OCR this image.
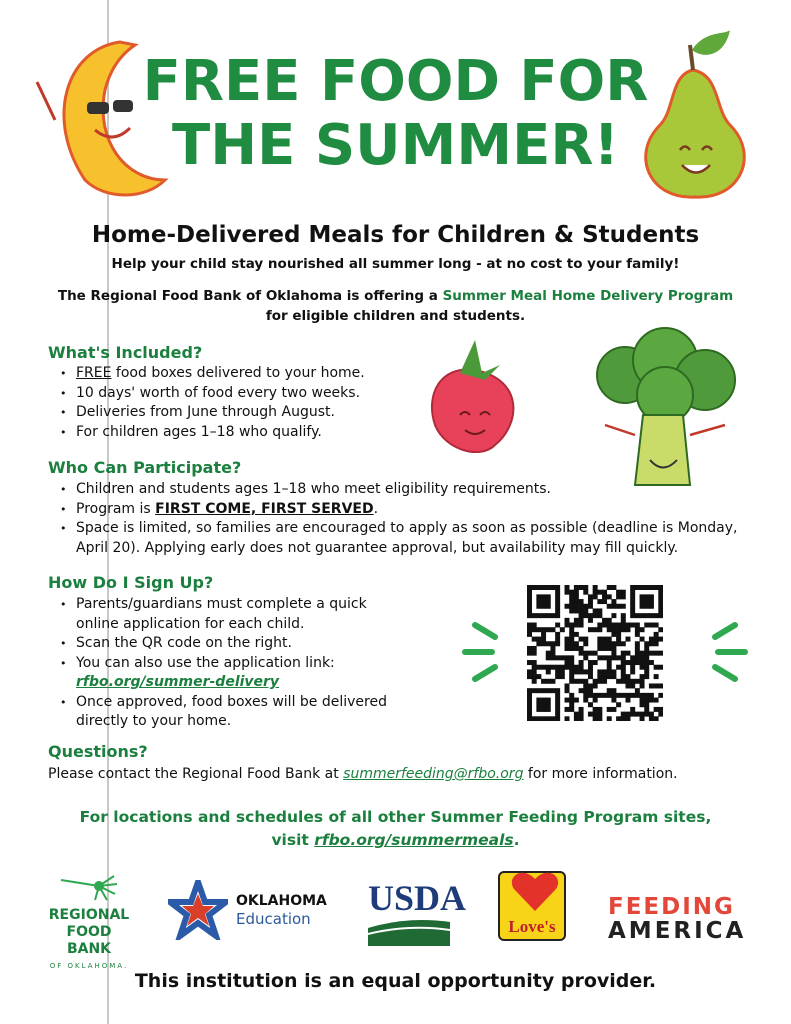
FREE FOOD FOR
THE SUMMER!
Home-Delivered Meals for Children & Students
Help your child stay nourished all summer long - at no cost to your family!
The Regional Food Bank of Oklahoma is offering a Summer Meal Home Delivery Program
for eligible children and students.
What's Included?
• FREE food boxes delivered to your home.
• 10 days' worth of food every two weeks.
• Deliveries from June through August.
• For children ages 1–18 who qualify.
Who Can Participate?
• Children and students ages 1–18 who meet eligibility requirements.
• Program is FIRST COME, FIRST SERVED.
• Space is limited, so families are encouraged to apply as soon as possible (deadline is Monday, April 20). Applying early does not guarantee approval, but availability may fill quickly.
How Do I Sign Up?
• Parents/guardians must complete a quick online application for each child.
• Scan the QR code on the right.
• You can also use the application link:
rfbo.org/summer-delivery
• Once approved, food boxes will be delivered directly to your home.
Questions?
Please contact the Regional Food Bank at summerfeeding@rfbo.org for more information.
For locations and schedules of all other Summer Feeding Program sites,
visit rfbo.org/summermeals.
REGIONAL
FOOD BANK
OF OKLAHOMA.
OKLAHOMA
Education
USDA
Love's
FEEDING
AMERICA
This institution is an equal opportunity provider.
